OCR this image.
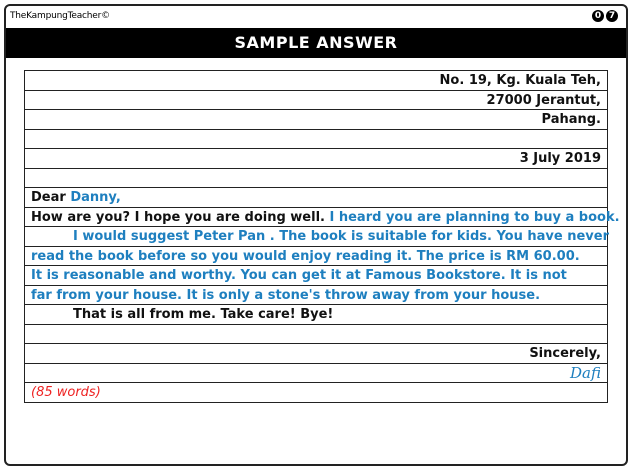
TheKampungTeacher©	0 7
SAMPLE ANSWER
No. 19, Kg. Kuala Teh,
27000 Jerantut,
Pahang.
3 July 2019
Dear Danny,
How are you? I hope you are doing well. I heard you are planning to buy a book.
I would suggest Peter Pan . The book is suitable for kids. You have never
read the book before so you would enjoy reading it. The price is RM 60.00.
It is reasonable and worthy. You can get it at Famous Bookstore. It is not
far from your house. It is only a stone's throw away from your house.
That is all from me. Take care! Bye!
Sincerely,
Dafi
(85 words)
